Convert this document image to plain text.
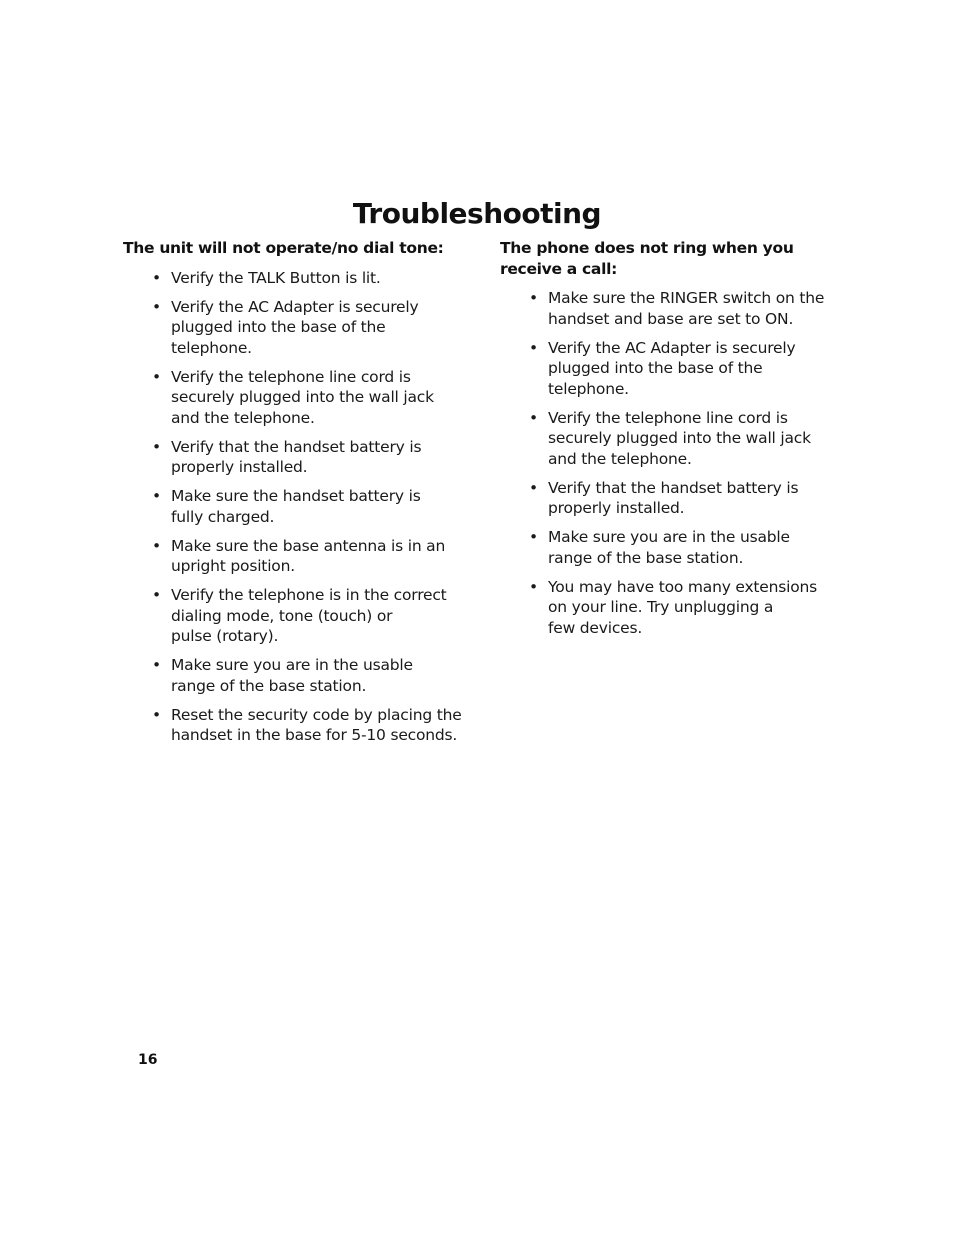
Troubleshooting
The unit will not operate/no dial tone:
• Verify the TALK Button is lit.
• Verify the AC Adapter is securely
plugged into the base of the
telephone.
• Verify the telephone line cord is
securely plugged into the wall jack
and the telephone.
• Verify that the handset battery is
properly installed.
• Make sure the handset battery is
fully charged.
• Make sure the base antenna is in an
upright position.
• Verify the telephone is in the correct
dialing mode, tone (touch) or
pulse (rotary).
• Make sure you are in the usable
range of the base station.
• Reset the security code by placing the
handset in the base for 5-10 seconds.
The phone does not ring when you
receive a call:
• Make sure the RINGER switch on the
handset and base are set to ON.
• Verify the AC Adapter is securely
plugged into the base of the
telephone.
• Verify the telephone line cord is
securely plugged into the wall jack
and the telephone.
• Verify that the handset battery is
properly installed.
• Make sure you are in the usable
range of the base station.
• You may have too many extensions
on your line. Try unplugging a
few devices.
16
